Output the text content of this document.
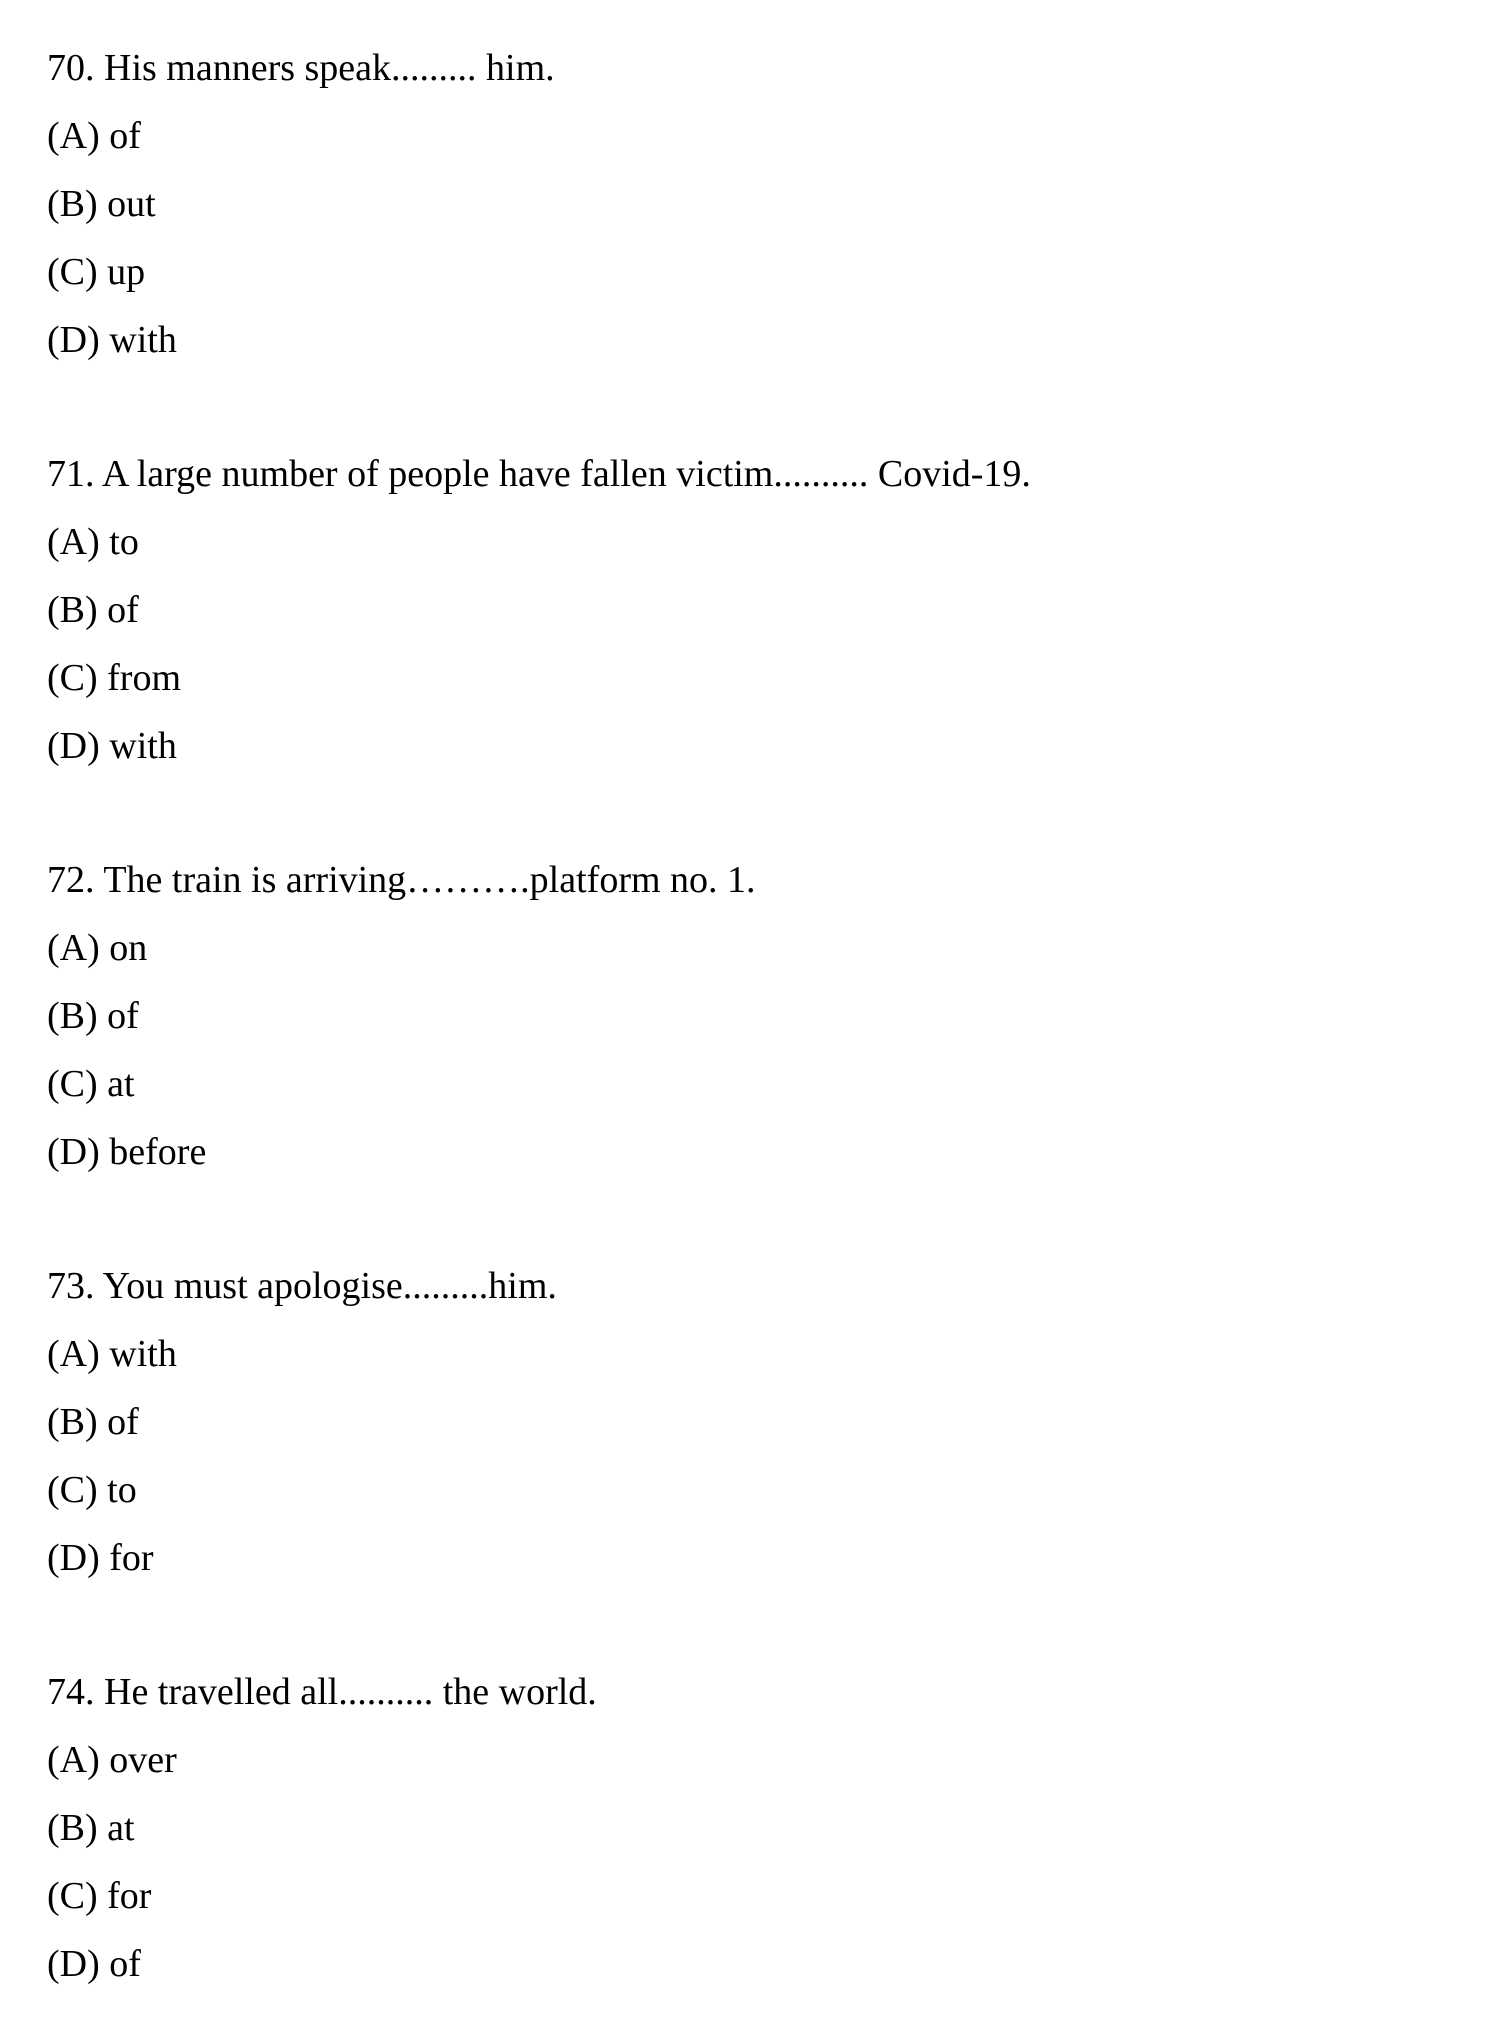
70. His manners speak......... him.

(A) of

(B) out

(C) up

(D) with

71. A large number of people have fallen victim.......... Covid-19.

(A) to

(B) of

(C) from

(D) with

72. The train is arriving……….platform no. 1.

(A) on

(B) of

(C) at

(D) before

73. You must apologise.........him.

(A) with

(B) of

(C) to

(D) for

74. He travelled all.......... the world.

(A) over

(B) at

(C) for

(D) of
